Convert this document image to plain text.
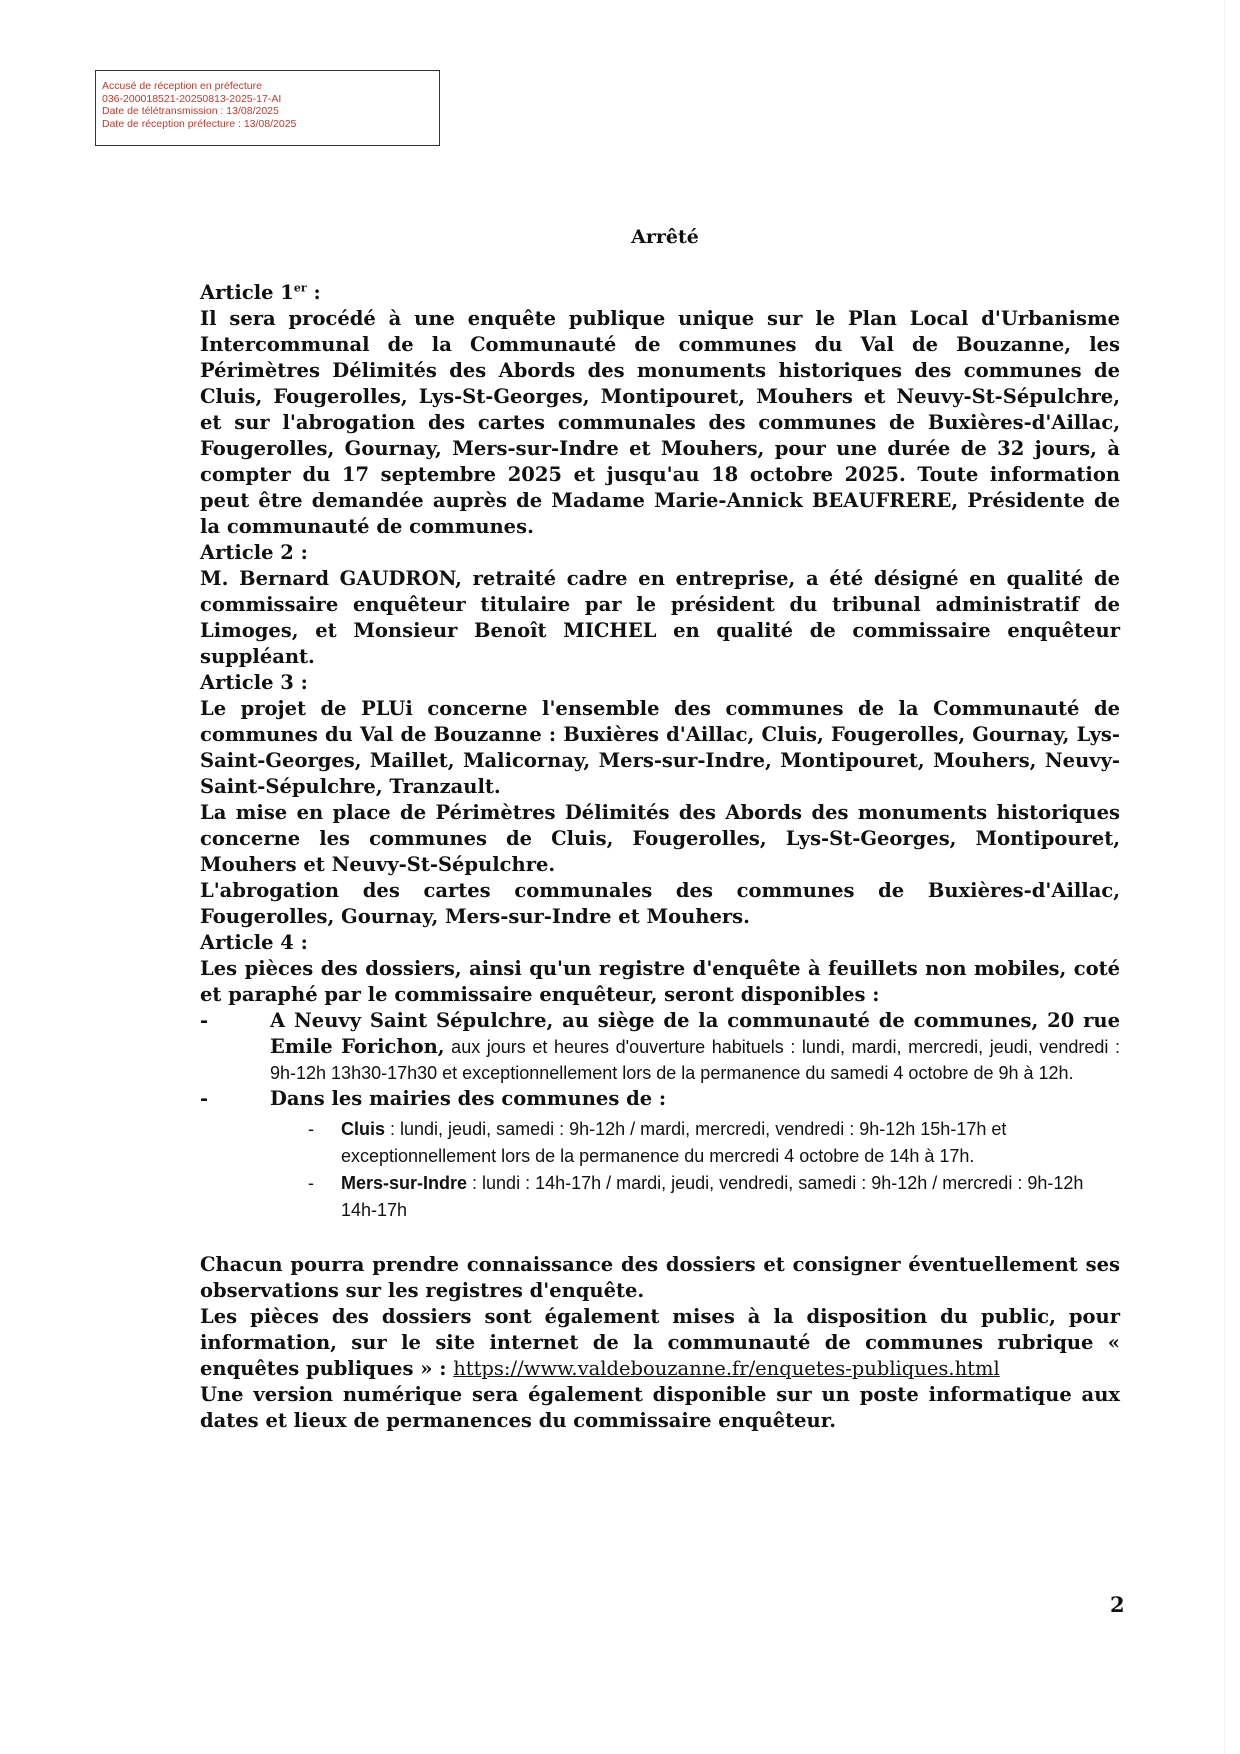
Accusé de réception en préfecture
036-200018521-20250813-2025-17-AI
Date de télétransmission : 13/08/2025
Date de réception préfecture : 13/08/2025
Arrêté

Article 1er :

Il sera procédé à une enquête publique unique sur le Plan Local d'Urbanisme Intercommunal de la Communauté de communes du Val de Bouzanne, les Périmètres Délimités des Abords des monuments historiques des communes de Cluis, Fougerolles, Lys-St-Georges, Montipouret, Mouhers et Neuvy-St-Sépulchre, et sur l'abrogation des cartes communales des communes de Buxières-d'Aillac, Fougerolles, Gournay, Mers-sur-Indre et Mouhers, pour une durée de 32 jours, à compter du 17 septembre 2025 et jusqu'au 18 octobre 2025. Toute information peut être demandée auprès de Madame Marie-Annick BEAUFRERE, Présidente de la communauté de communes.

Article 2 :

M. Bernard GAUDRON, retraité cadre en entreprise, a été désigné en qualité de commissaire enquêteur titulaire par le président du tribunal administratif de Limoges, et Monsieur Benoît MICHEL en qualité de commissaire enquêteur suppléant.

Article 3 :

Le projet de PLUi concerne l'ensemble des communes de la Communauté de communes du Val de Bouzanne : Buxières d'Aillac, Cluis, Fougerolles, Gournay, Lys-Saint-Georges, Maillet, Malicornay, Mers-sur-Indre, Montipouret, Mouhers, Neuvy-Saint-Sépulchre, Tranzault.

La mise en place de Périmètres Délimités des Abords des monuments historiques concerne les communes de Cluis, Fougerolles, Lys-St-Georges, Montipouret, Mouhers et Neuvy-St-Sépulchre.

L'abrogation des cartes communales des communes de Buxières-d'Aillac, Fougerolles, Gournay, Mers-sur-Indre et Mouhers.

Article 4 :

Les pièces des dossiers, ainsi qu'un registre d'enquête à feuillets non mobiles, coté et paraphé par le commissaire enquêteur, seront disponibles :

-	A Neuvy Saint Sépulchre, au siège de la communauté de communes, 20 rue Emile Forichon, aux jours et heures d'ouverture habituels : lundi, mardi, mercredi, jeudi, vendredi : 9h-12h 13h30-17h30 et exceptionnellement lors de la permanence du samedi 4 octobre de 9h à 12h.
-	Dans les mairies des communes de :
-	Cluis : lundi, jeudi, samedi : 9h-12h / mardi, mercredi, vendredi : 9h-12h 15h-17h et exceptionnellement lors de la permanence du mercredi 4 octobre de 14h à 17h.
-	Mers-sur-Indre : lundi : 14h-17h / mardi, jeudi, vendredi, samedi : 9h-12h / mercredi : 9h-12h 14h-17h

Chacun pourra prendre connaissance des dossiers et consigner éventuellement ses observations sur les registres d'enquête.

Les pièces des dossiers sont également mises à la disposition du public, pour information, sur le site internet de la communauté de communes rubrique « enquêtes publiques » : https://www.valdebouzanne.fr/enquetes-publiques.html

Une version numérique sera également disponible sur un poste informatique aux dates et lieux de permanences du commissaire enquêteur.

2
